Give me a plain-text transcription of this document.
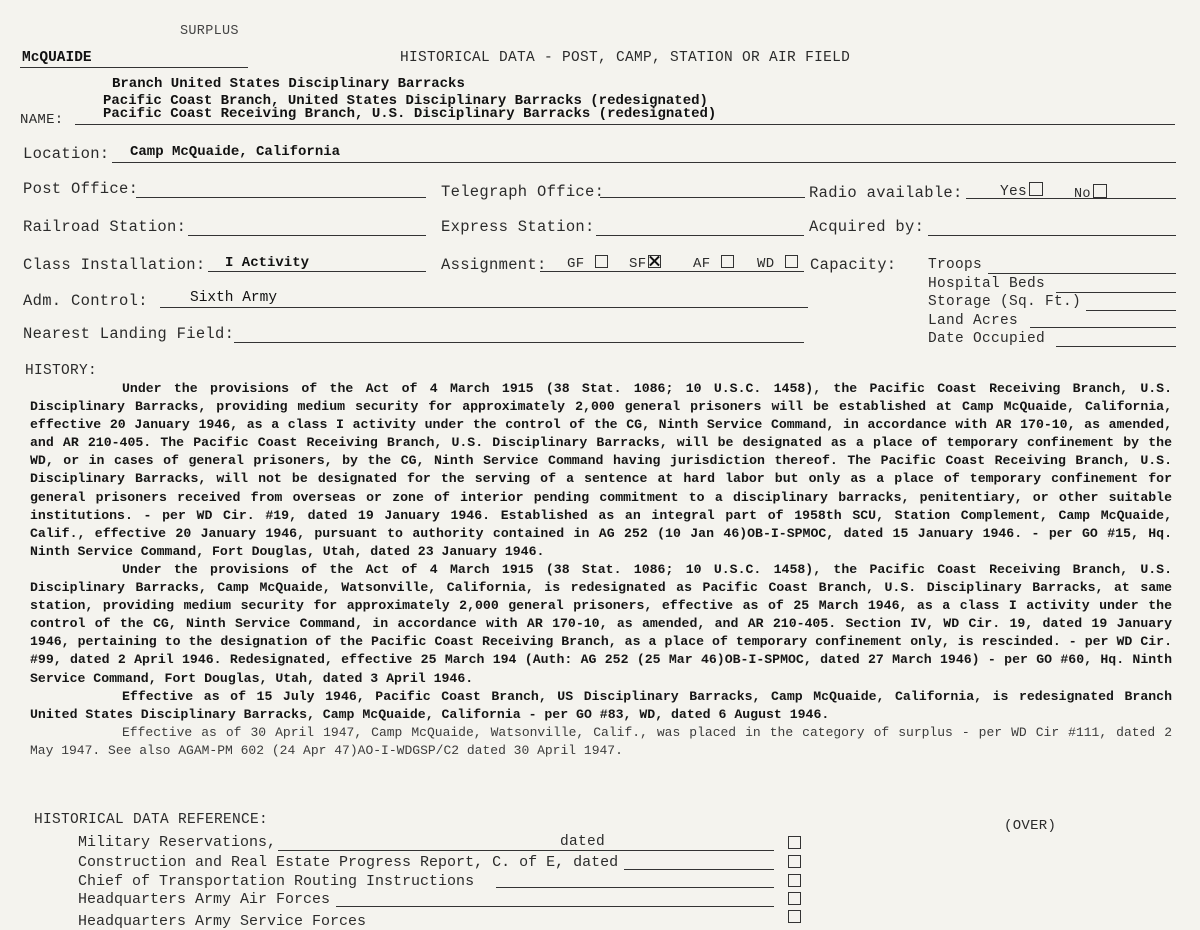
SURPLUS
McQUAIDE	HISTORICAL DATA - POST, CAMP, STATION OR AIR FIELD
Branch United States Disciplinary Barracks
Pacific Coast Branch, United States Disciplinary Barracks (redesignated)
Pacific Coast Receiving Branch, U.S. Disciplinary Barracks (redesignated)
NAME:
Location: Camp McQuaide, California
Post Office:	Telegraph Office:	Radio available:	Yes	No
Railroad Station:	Express Station:	Acquired by:
Class Installation: I Activity	Assignment: GF	SF	AF	WD	Capacity: Troops
Hospital Beds
Storage (Sq. Ft.)
Land Acres
Date Occupied
Adm. Control:	Sixth Army
Nearest Landing Field:
HISTORY:

Under the provisions of the Act of 4 March 1915 (38 Stat. 1086; 10 U.S.C. 1458), the Pacific Coast Receiving Branch, U.S. Disciplinary Barracks, providing medium security for approximately 2,000 general prisoners will be established at Camp McQuaide, California, effective 20 January 1946, as a class I activity under the control of the CG, Ninth Service Command, in accordance with AR 170-10, as amended, and AR 210-405. The Pacific Coast Receiving Branch, U.S. Disciplinary Barracks, will be designated as a place of temporary confinement by the WD, or in cases of general prisoners, by the CG, Ninth Service Command having jurisdiction thereof. The Pacific Coast Receiving Branch, U.S. Disciplinary Barracks, will not be designated for the serving of a sentence at hard labor but only as a place of temporary confinement for general prisoners received from overseas or zone of interior pending commitment to a disciplinary barracks, penitentiary, or other suitable institutions. - per WD Cir. #19, dated 19 January 1946. Established as an integral part of 1958th SCU, Station Complement, Camp McQuaide, Calif., effective 20 January 1946, pursuant to authority contained in AG 252 (10 Jan 46)OB-I-SPMOC, dated 15 January 1946. - per GO #15, Hq. Ninth Service Command, Fort Douglas, Utah, dated 23 January 1946.

Under the provisions of the Act of 4 March 1915 (38 Stat. 1086; 10 U.S.C. 1458), the Pacific Coast Receiving Branch, U.S. Disciplinary Barracks, Camp McQuaide, Watsonville, California, is redesignated as Pacific Coast Branch, U.S. Disciplinary Barracks, at same station, providing medium security for approximately 2,000 general prisoners, effective as of 25 March 1946, as a class I activity under the control of the CG, Ninth Service Command, in accordance with AR 170-10, as amended, and AR 210-405. Section IV, WD Cir. 19, dated 19 January 1946, pertaining to the designation of the Pacific Coast Receiving Branch, as a place of temporary confinement only, is rescinded. - per WD Cir. #99, dated 2 April 1946. Redesignated, effective 25 March 194 (Auth: AG 252 (25 Mar 46)OB-I-SPMOC, dated 27 March 1946) - per GO #60, Hq. Ninth Service Command, Fort Douglas, Utah, dated 3 April 1946.

Effective as of 15 July 1946, Pacific Coast Branch, US Disciplinary Barracks, Camp McQuaide, California, is redesignated Branch United States Disciplinary Barracks, Camp McQuaide, California - per GO #83, WD, dated 6 August 1946.

Effective as of 30 April 1947, Camp McQuaide, Watsonville, Calif., was placed in the category of surplus - per WD Cir #111, dated 2 May 1947. See also AGAM-PM 602 (24 Apr 47)AO-I-WDGSP/C2 dated 30 April 1947.

HISTORICAL DATA REFERENCE:	(OVER)
Military Reservations,	dated
Construction and Real Estate Progress Report, C. of E, dated
Chief of Transportation Routing Instructions
Headquarters Army Air Forces
Headquarters Army Service Forces
